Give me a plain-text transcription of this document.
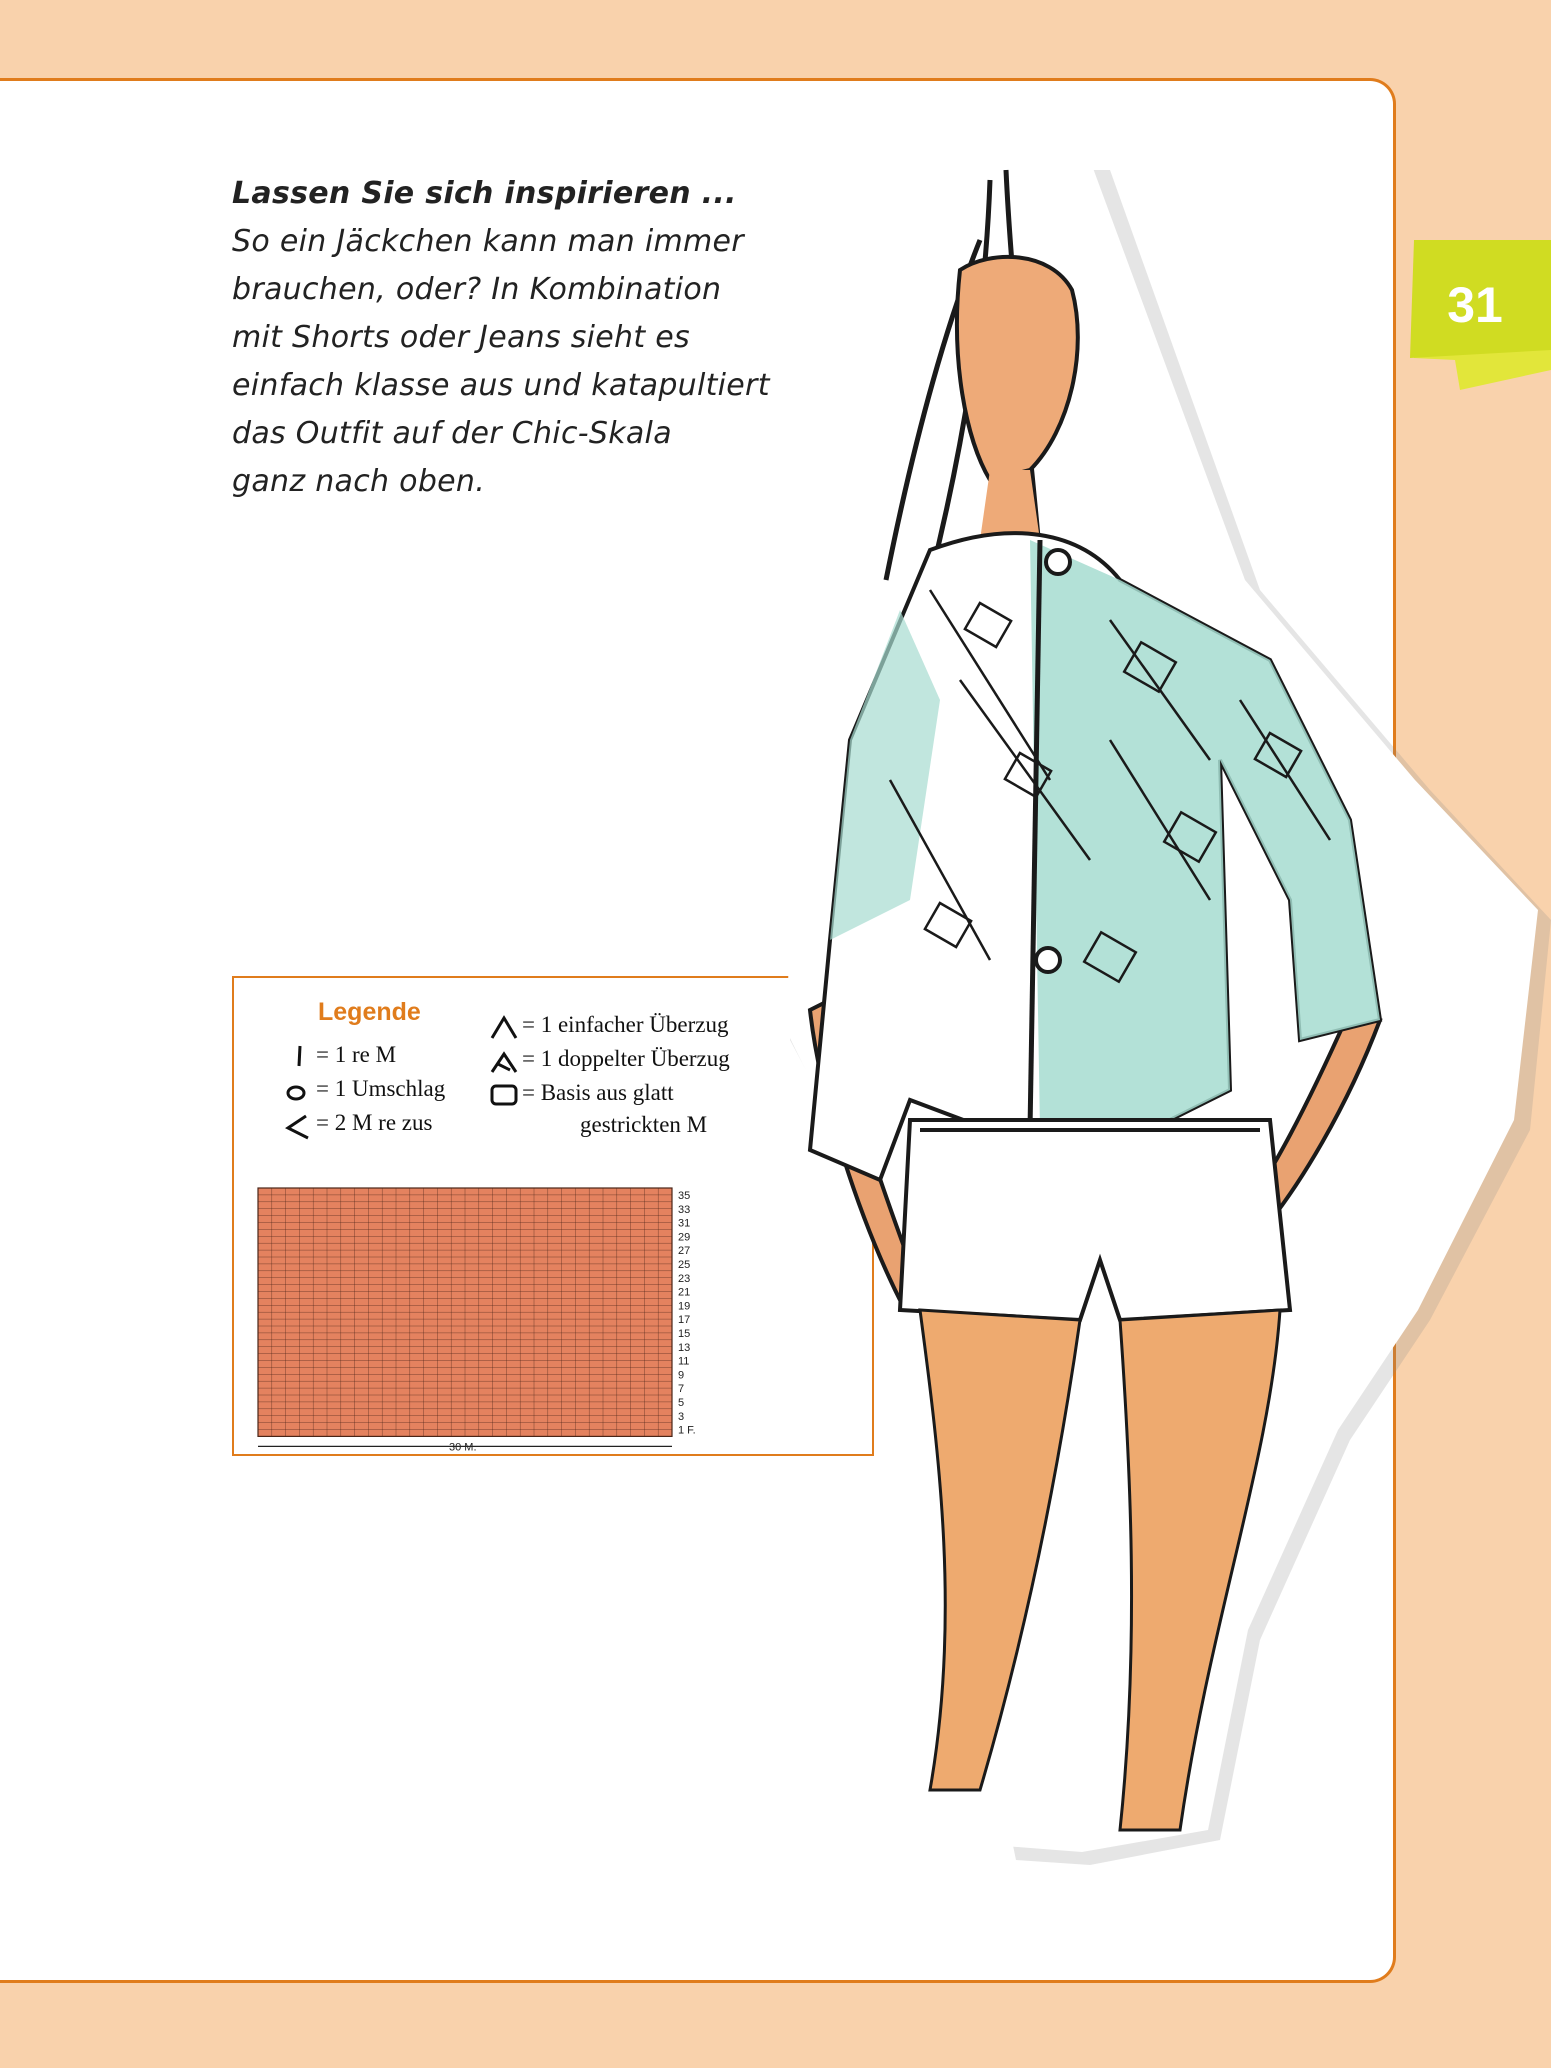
31
Lassen Sie sich inspirieren ...
So ein Jäckchen kann man immer
brauchen, oder? In Kombination
mit Shorts oder Jeans sieht es
einfach klasse aus und katapultiert
das Outfit auf der Chic-Skala
ganz nach oben.
Legende
= 1 re M
= 1 Umschlag
= 2 M re zus
= 1 einfacher Überzug
= 1 doppelter Überzug
= Basis aus glatt
gestrickten M
35
33
31
29
27
25
23
21
19
17
15
13
11
9
7
5
3
1 F.
30 M.
